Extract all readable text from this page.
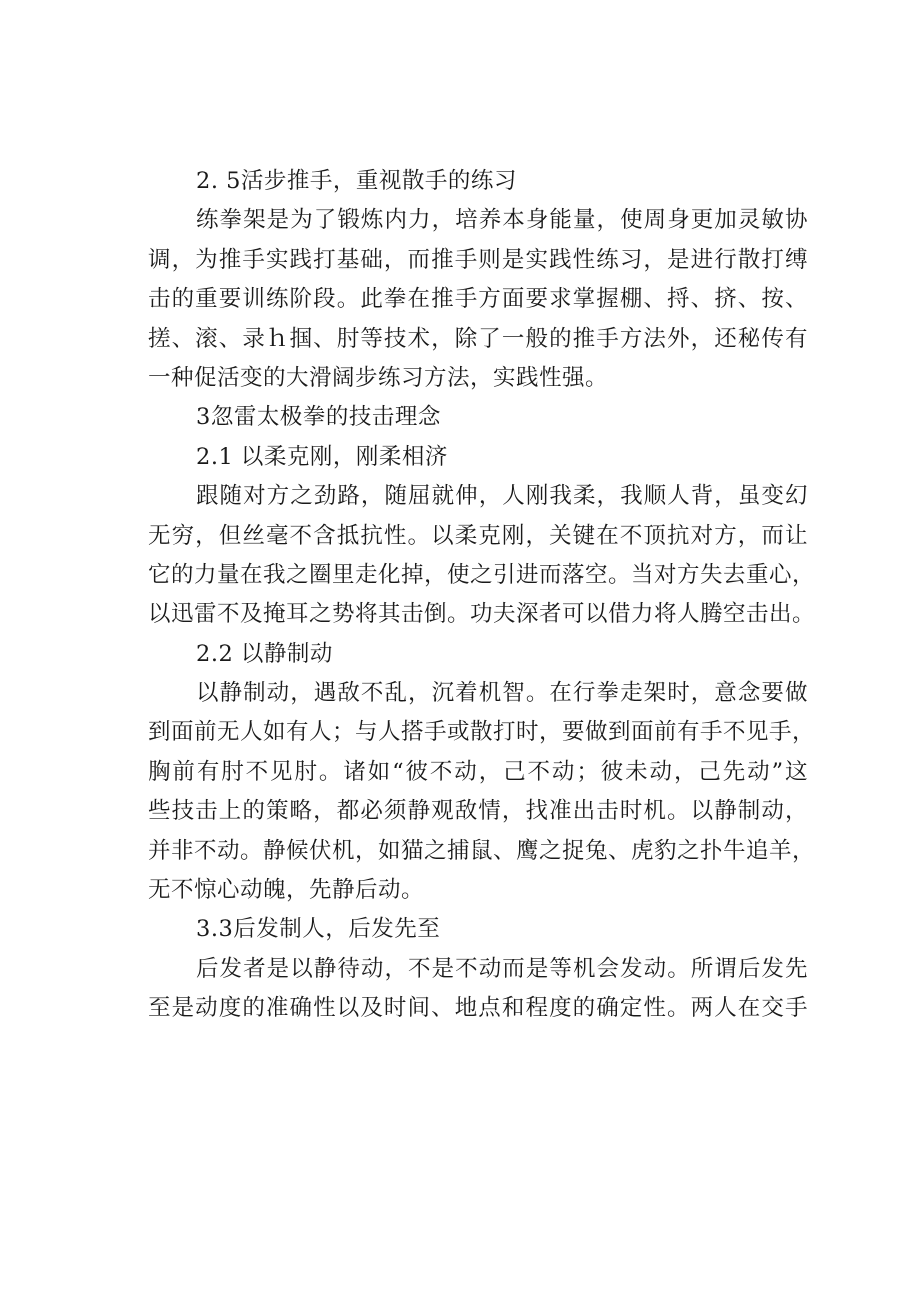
2. 5活步推手，重视散手的练习
练拳架是为了锻炼内力，培养本身能量，使周身更加灵敏协
调，为推手实践打基础，而推手则是实践性练习，是进行散打缚
击的重要训练阶段。此拳在推手方面要求掌握棚、捋、挤、按、
搓、滚、录ｈ掴、肘等技术，除了一般的推手方法外，还秘传有
一种促活变的大滑阔步练习方法，实践性强。
3忽雷太极拳的技击理念
2.1 以柔克刚，刚柔相济
跟随对方之劲路，随屈就伸，人刚我柔，我顺人背，虽变幻
无穷，但丝毫不含抵抗性。以柔克刚，关键在不顶抗对方，而让
它的力量在我之圈里走化掉，使之引进而落空。当对方失去重心，
以迅雷不及掩耳之势将其击倒。功夫深者可以借力将人腾空击出。
2.2 以静制动
以静制动，遇敌不乱，沉着机智。在行拳走架时，意念要做
到面前无人如有人；与人搭手或散打时，要做到面前有手不见手，
胸前有肘不见肘。诸如“彼不动，己不动；彼未动，己先动”这
些技击上的策略，都必须静观敌情，找准出击时机。以静制动，
并非不动。静候伏机，如猫之捕鼠、鹰之捉兔、虎豹之扑牛追羊，
无不惊心动魄，先静后动。
3.3后发制人，后发先至
后发者是以静待动，不是不动而是等机会发动。所谓后发先
至是动度的准确性以及时间、地点和程度的确定性。两人在交手
